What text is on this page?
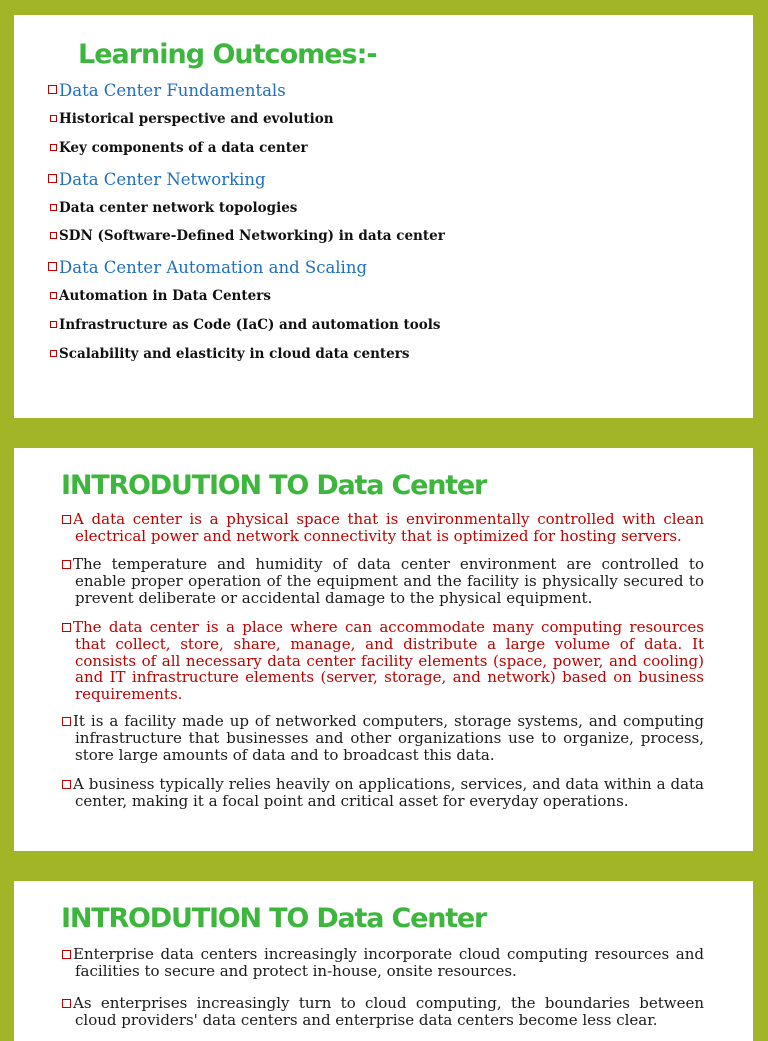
Learning Outcomes:-
Data Center Fundamentals
Historical perspective and evolution
Key components of a data center
Data Center Networking
Data center network topologies
SDN (Software-Defined Networking) in data center
Data Center Automation and Scaling
Automation in Data Centers
Infrastructure as Code (IaC) and automation tools
Scalability and elasticity in cloud data centers
INTRODUTION TO Data Center
A data center is a physical space that is environmentally controlled with clean electrical power and network connectivity that is optimized for hosting servers.
The temperature and humidity of data center environment are controlled to enable proper operation of the equipment and the facility is physically secured to prevent deliberate or accidental damage to the physical equipment.
The data center is a place where can accommodate many computing resources that collect, store, share, manage, and distribute a large volume of data. It consists of all necessary data center facility elements (space, power, and cooling) and IT infrastructure elements (server, storage, and network) based on business requirements.
It is a facility made up of networked computers, storage systems, and computing infrastructure that businesses and other organizations use to organize, process, store large amounts of data and to broadcast this data.
A business typically relies heavily on applications, services, and data within a data center, making it a focal point and critical asset for everyday operations.
INTRODUTION TO Data Center
Enterprise data centers increasingly incorporate cloud computing resources and facilities to secure and protect in-house, onsite resources.
As enterprises increasingly turn to cloud computing, the boundaries between cloud providers' data centers and enterprise data centers become less clear.
